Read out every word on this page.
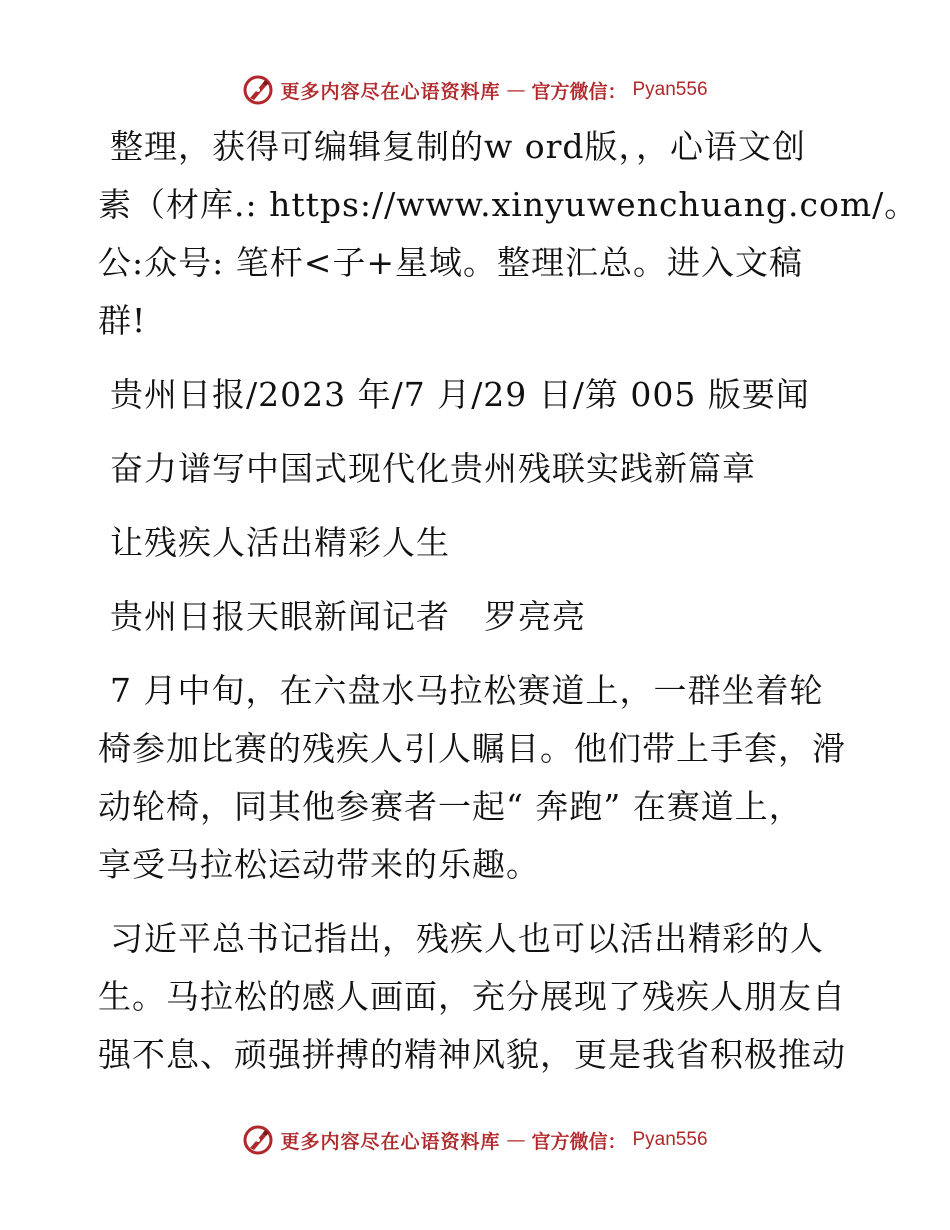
更多内容尽在心语资料库 — 官方微信： Pyan556
整理，获得可编辑复制的w ord版，，心语文创
素（材库.: https://www.xinyuwenchuang.com/。
公:众号: 笔杆<子+星域。整理汇总。进入文稿
群!
贵州日报/2023 年/7 月/29 日/第 005 版要闻
奋力谱写中国式现代化贵州残联实践新篇章
让残疾人活出精彩人生
贵州日报天眼新闻记者　罗亮亮
7 月中旬，在六盘水马拉松赛道上，一群坐着轮
椅参加比赛的残疾人引人瞩目。他们带上手套，滑
动轮椅，同其他参赛者一起“ 奔跑” 在赛道上，
享受马拉松运动带来的乐趣。
习近平总书记指出，残疾人也可以活出精彩的人
生。马拉松的感人画面，充分展现了残疾人朋友自
强不息、顽强拼搏的精神风貌，更是我省积极推动
更多内容尽在心语资料库 — 官方微信： Pyan556
